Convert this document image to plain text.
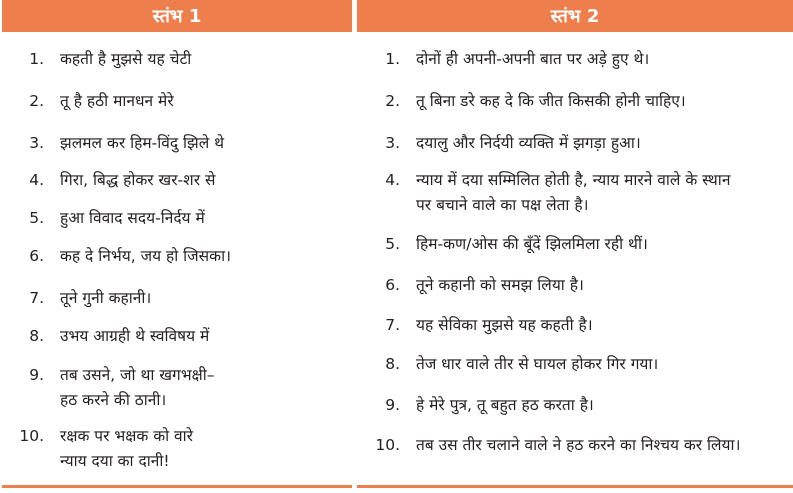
स्तंभ 1	स्तंभ 2
1. कहती है मुझसे यह चेटी
2. तू है हठी मानधन मेरे
3. झलमल कर हिम-विंदु झिले थे
4. गिरा, बिद्ध होकर खर-शर से
5. हुआ विवाद सदय-निर्दय में
6. कह दे निर्भय, जय हो जिसका।
7. तूने गुनी कहानी।
8. उभय आग्रही थे स्वविषय में
9. तब उसने, जो था खगभक्षी–
हठ करने की ठानी।
10. रक्षक पर भक्षक को वारे
न्याय दया का दानी!
1. दोनों ही अपनी-अपनी बात पर अड़े हुए थे।
2. तू बिना डरे कह दे कि जीत किसकी होनी चाहिए।
3. दयालु और निर्दयी व्यक्ति में झगड़ा हुआ।
4. न्याय में दया सम्मिलित होती है, न्याय मारने वाले के स्थान
पर बचाने वाले का पक्ष लेता है।
5. हिम-कण/ओस की बूँदें झिलमिला रही थीं।
6. तूने कहानी को समझ लिया है।
7. यह सेविका मुझसे यह कहती है।
8. तेज धार वाले तीर से घायल होकर गिर गया।
9. हे मेरे पुत्र, तू बहुत हठ करता है।
10. तब उस तीर चलाने वाले ने हठ करने का निश्चय कर लिया।
